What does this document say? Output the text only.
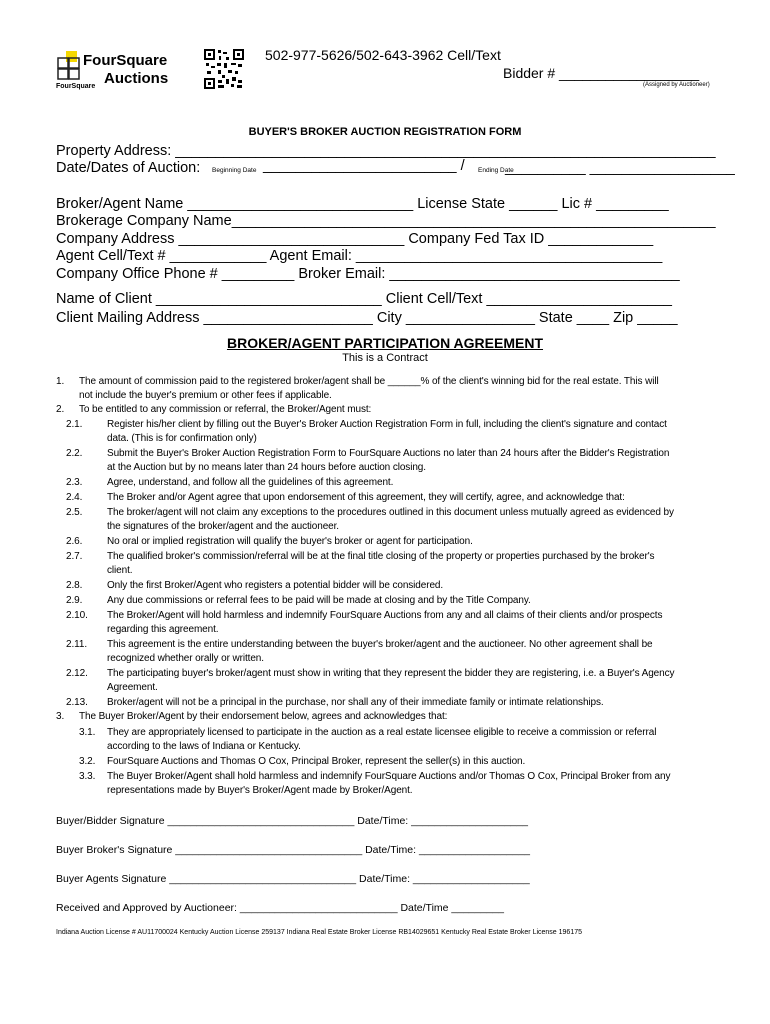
FourSquare
Auctions
FourSquare
502-977-5626/502-643-3962 Cell/Text
Bidder # __________________
(Assigned by Auctioneer)
BUYER'S BROKER AUCTION REGISTRATION FORM
Property Address: ___________________________________________________________________
Date/Dates of Auction: Beginning Date ________________________ / Ending Date
__________ __________________
Broker/Agent Name ____________________________ License State ______ Lic # _________
Brokerage Company Name____________________________________________________________
Company Address ____________________________ Company Fed Tax ID _____________
Agent Cell/Text # ____________ Agent Email: ______________________________________
Company Office Phone # _________ Broker Email: ____________________________________
Name of Client ____________________________ Client Cell/Text _______________________
Client Mailing Address _____________________ City ________________ State ____ Zip _____
BROKER/AGENT PARTICIPATION AGREEMENT
This is a Contract
1. The amount of commission paid to the registered broker/agent shall be ______% of the client's winning bid for the real estate. This will
not include the buyer's premium or other fees if applicable.
2. To be entitled to any commission or referral, the Broker/Agent must:
2.1. Register his/her client by filling out the Buyer's Broker Auction Registration Form in full, including the client's signature and contact
data. (This is for confirmation only)
2.2. Submit the Buyer's Broker Auction Registration Form to FourSquare Auctions no later than 24 hours after the Bidder's Registration
at the Auction but by no means later than 24 hours before auction closing.
2.3. Agree, understand, and follow all the guidelines of this agreement.
2.4. The Broker and/or Agent agree that upon endorsement of this agreement, they will certify, agree, and acknowledge that:
2.5. The broker/agent will not claim any exceptions to the procedures outlined in this document unless mutually agreed as evidenced by
the signatures of the broker/agent and the auctioneer.
2.6. No oral or implied registration will qualify the buyer's broker or agent for participation.
2.7. The qualified broker's commission/referral will be at the final title closing of the property or properties purchased by the broker's
client.
2.8. Only the first Broker/Agent who registers a potential bidder will be considered.
2.9. Any due commissions or referral fees to be paid will be made at closing and by the Title Company.
2.10. The Broker/Agent will hold harmless and indemnify FourSquare Auctions from any and all claims of their clients and/or prospects
regarding this agreement.
2.11. This agreement is the entire understanding between the buyer's broker/agent and the auctioneer. No other agreement shall be
recognized whether orally or written.
2.12. The participating buyer's broker/agent must show in writing that they represent the bidder they are registering, i.e. a Buyer's Agency
Agreement.
2.13. Broker/agent will not be a principal in the purchase, nor shall any of their immediate family or intimate relationships.
3. The Buyer Broker/Agent by their endorsement below, agrees and acknowledges that:
3.1. They are appropriately licensed to participate in the auction as a real estate licensee eligible to receive a commission or referral
according to the laws of Indiana or Kentucky.
3.2. FourSquare Auctions and Thomas O Cox, Principal Broker, represent the seller(s) in this auction.
3.3. The Buyer Broker/Agent shall hold harmless and indemnify FourSquare Auctions and/or Thomas O Cox, Principal Broker from any
representations made by Buyer's Broker/Agent made by Broker/Agent.
Buyer/Bidder Signature ________________________________ Date/Time: ____________________
Buyer Broker's Signature ________________________________ Date/Time: ___________________
Buyer Agents Signature ________________________________ Date/Time: ____________________
Received and Approved by Auctioneer: ___________________________ Date/Time _________
Indiana Auction License # AU11700024 Kentucky Auction License 259137 Indiana Real Estate Broker License RB14029651 Kentucky Real Estate Broker License 196175
